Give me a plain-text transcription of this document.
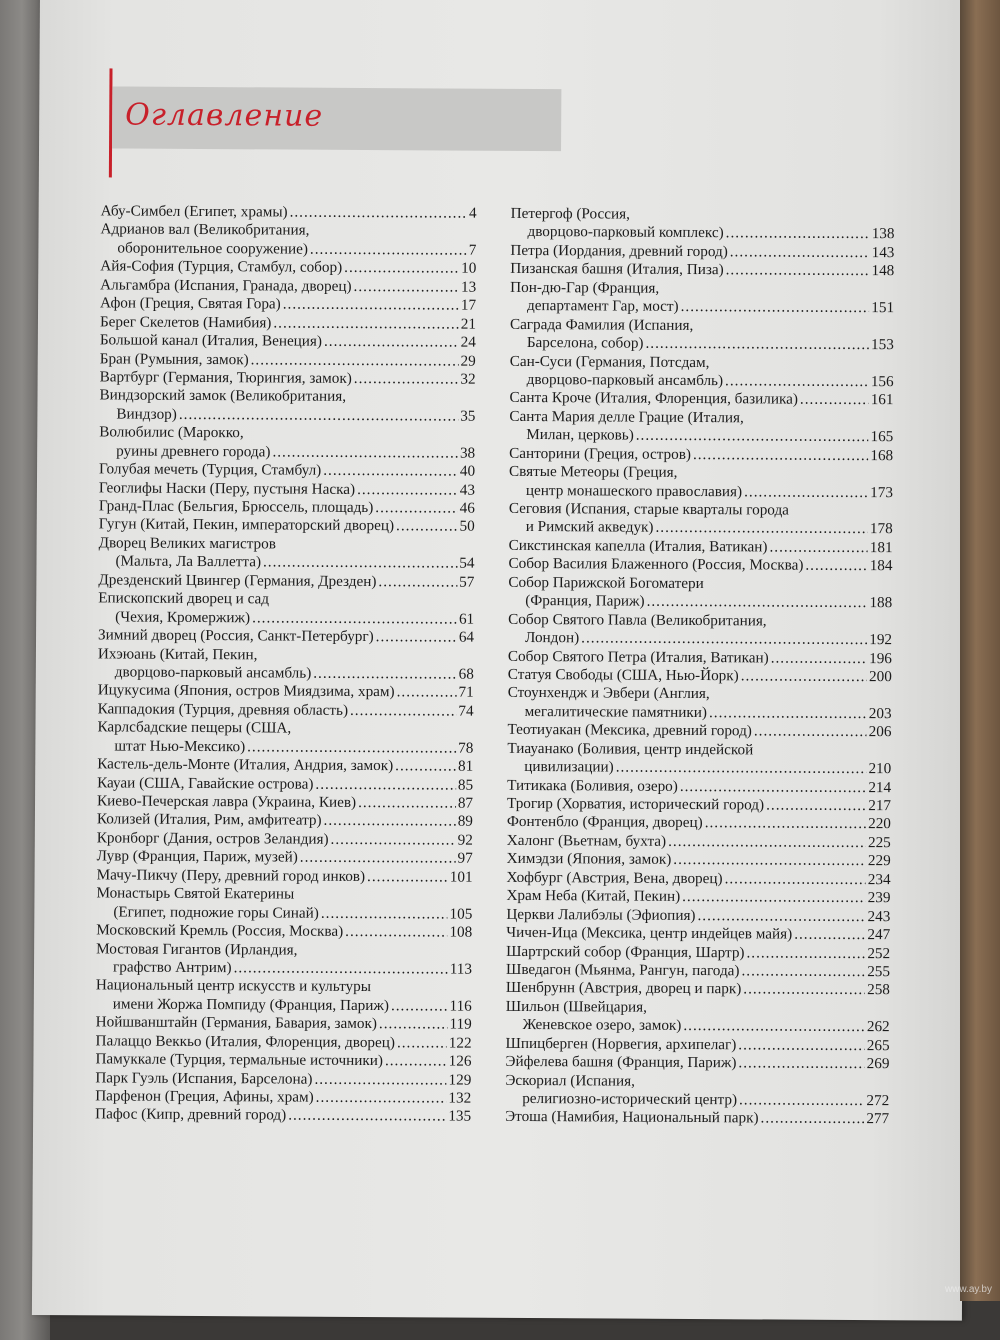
Оглавление
Абу-Симбел (Египет, храмы) .....	4
Адрианов вал (Великобритания,
оборонительное сооружение) .....	7
Айя-София (Турция, Стамбул, собор) .....	10
Альгамбра (Испания, Гранада, дворец) .....	13
Афон (Греция, Святая Гора) .....	17
Берег Скелетов (Намибия) .....	21
Большой канал (Италия, Венеция) .....	24
Бран (Румыния, замок) .....	29
Вартбург (Германия, Тюрингия, замок) .....	32
Виндзорский замок (Великобритания,
Виндзор) .....	35
Волюбилис (Марокко,
руины древнего города) .....	38
Голубая мечеть (Турция, Стамбул) .....	40
Геоглифы Наски (Перу, пустыня Наска) .....	43
Гранд-Плас (Бельгия, Брюссель, площадь) .....	46
Гугун (Китай, Пекин, императорский дворец) .....	50
Дворец Великих магистров
(Мальта, Ла Валлетта) .....	54
Дрезденский Цвингер (Германия, Дрезден) .....	57
Епископский дворец и сад
(Чехия, Кромержиж) .....	61
Зимний дворец (Россия, Санкт-Петербург) .....	64
Ихэюань (Китай, Пекин,
дворцово-парковый ансамбль) .....	68
Ицукусима (Япония, остров Миядзима, храм) .....	71
Каппадокия (Турция, древняя область) .....	74
Карлсбадские пещеры (США,
штат Нью-Мексико) .....	78
Кастель-дель-Монте (Италия, Андрия, замок) .....	81
Кауаи (США, Гавайские острова) .....	85
Киево-Печерская лавра (Украина, Киев) .....	87
Колизей (Италия, Рим, амфитеатр) .....	89
Кронборг (Дания, остров Зеландия) .....	92
Лувр (Франция, Париж, музей) .....	97
Мачу-Пикчу (Перу, древний город инков) .....	101
Монастырь Святой Екатерины
(Египет, подножие горы Синай) .....	105
Московский Кремль (Россия, Москва) .....	108
Мостовая Гигантов (Ирландия,
графство Антрим) .....	113
Национальный центр искусств и культуры
имени Жоржа Помпиду (Франция, Париж) .....	116
Нойшванштайн (Германия, Бавария, замок) .....	119
Палаццо Веккьо (Италия, Флоренция, дворец) .....	122
Памуккале (Турция, термальные источники) .....	126
Парк Гуэль (Испания, Барселона) .....	129
Парфенон (Греция, Афины, храм) .....	132
Пафос (Кипр, древний город) .....	135
Петергоф (Россия,
дворцово-парковый комплекс) .....	138
Петра (Иордания, древний город) .....	143
Пизанская башня (Италия, Пиза) .....	148
Пон-дю-Гар (Франция,
департамент Гар, мост) .....	151
Саграда Фамилия (Испания,
Барселона, собор) .....	153
Сан-Суси (Германия, Потсдам,
дворцово-парковый ансамбль) .....	156
Санта Кроче (Италия, Флоренция, базилика) .....	161
Санта Мария делле Грацие (Италия,
Милан, церковь) .....	165
Санторини (Греция, остров) .....	168
Святые Метеоры (Греция,
центр монашеского православия) .....	173
Сеговия (Испания, старые кварталы города
и Римский акведук) .....	178
Сикстинская капелла (Италия, Ватикан) .....	181
Собор Василия Блаженного (Россия, Москва) .....	184
Собор Парижской Богоматери
(Франция, Париж) .....	188
Собор Святого Павла (Великобритания,
Лондон) .....	192
Собор Святого Петра (Италия, Ватикан) .....	196
Статуя Свободы (США, Нью-Йорк) .....	200
Стоунхендж и Эвбери (Англия,
мегалитические памятники) .....	203
Теотиуакан (Мексика, древний город) .....	206
Тиауанако (Боливия, центр индейской
цивилизации) .....	210
Титикака (Боливия, озеро) .....	214
Трогир (Хорватия, исторический город) .....	217
Фонтенбло (Франция, дворец) .....	220
Халонг (Вьетнам, бухта) .....	225
Химэдзи (Япония, замок) .....	229
Хофбург (Австрия, Вена, дворец) .....	234
Храм Неба (Китай, Пекин) .....	239
Церкви Лалибэлы (Эфиопия) .....	243
Чичен-Ица (Мексика, центр индейцев майя) .....	247
Шартрский собор (Франция, Шартр) .....	252
Шведагон (Мьянма, Рангун, пагода) .....	255
Шенбрунн (Австрия, дворец и парк) .....	258
Шильон (Швейцария,
Женевское озеро, замок) .....	262
Шпицберген (Норвегия, архипелаг) .....	265
Эйфелева башня (Франция, Париж) .....	269
Эскориал (Испания,
религиозно-исторический центр) .....	272
Этоша (Намибия, Национальный парк) .....	277
www.ay.by
